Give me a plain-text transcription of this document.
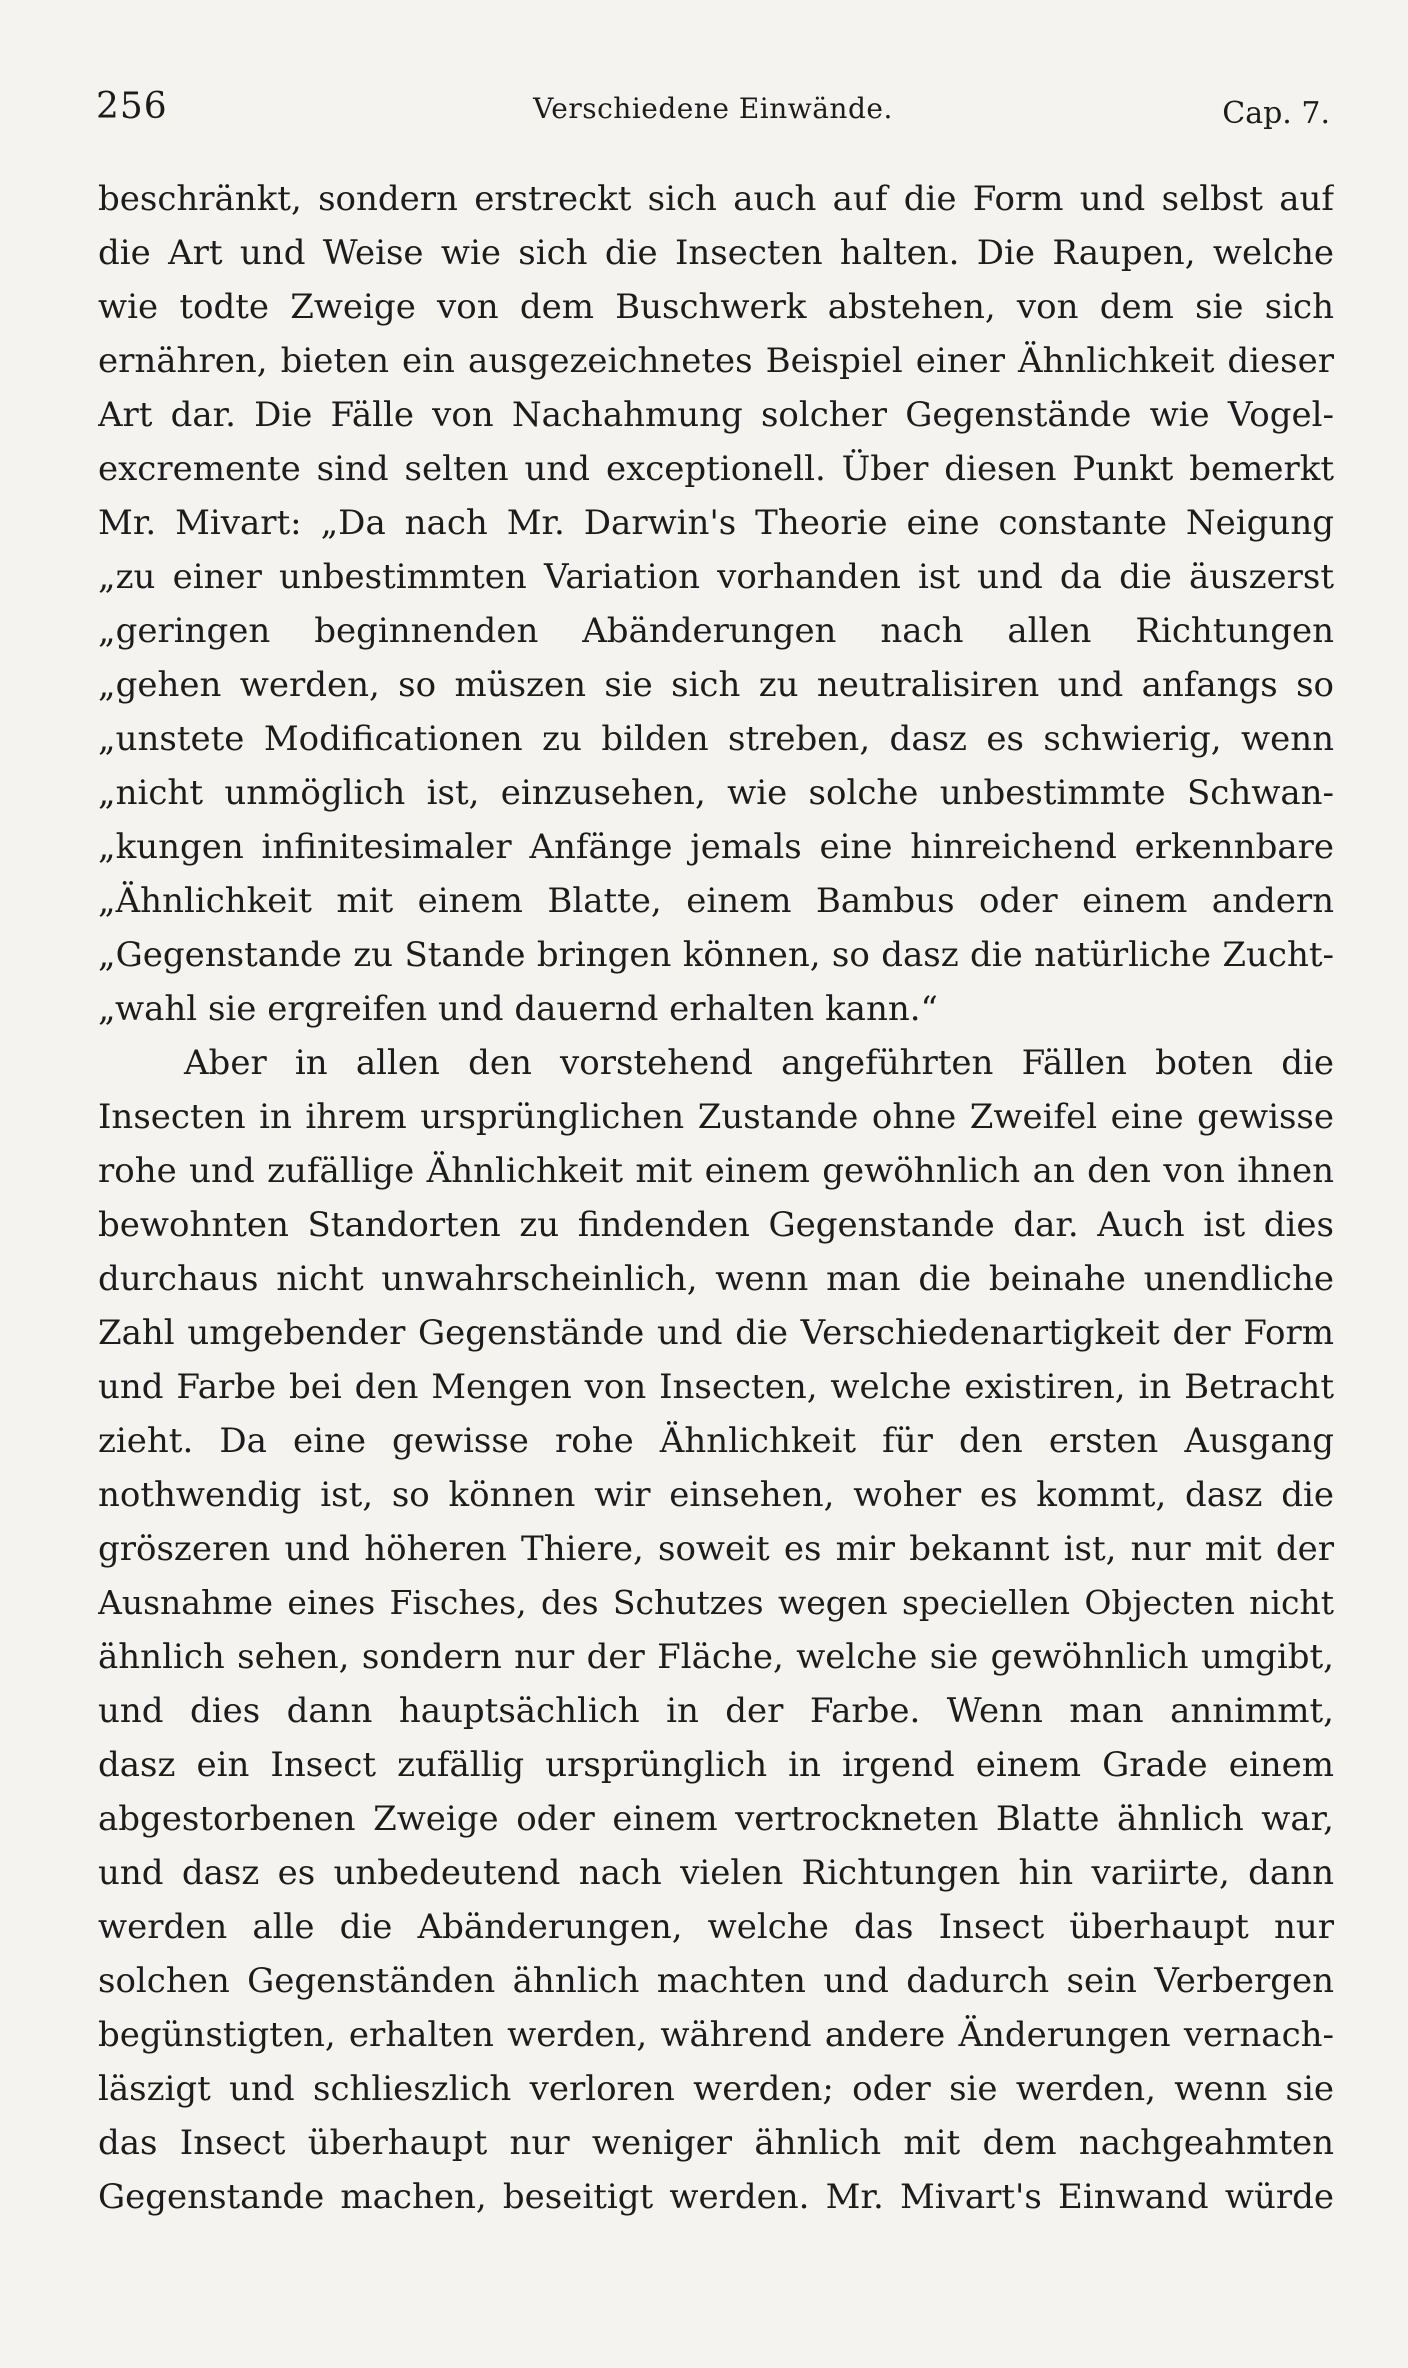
256	Verschiedene Einwände.	Cap. 7.
beschränkt, sondern erstreckt sich auch auf die Form und selbst auf
die Art und Weise wie sich die Insecten halten. Die Raupen, welche
wie todte Zweige von dem Buschwerk abstehen, von dem sie sich
ernähren, bieten ein ausgezeichnetes Beispiel einer Ähnlichkeit dieser
Art dar. Die Fälle von Nachahmung solcher Gegenstände wie Vogel-
excremente sind selten und exceptionell. Über diesen Punkt bemerkt
Mr. Mivart: „Da nach Mr. Darwin's Theorie eine constante Neigung
„zu einer unbestimmten Variation vorhanden ist und da die äuszerst
„geringen beginnenden Abänderungen nach allen Richtungen
„gehen werden, so müszen sie sich zu neutralisiren und anfangs so
„unstete Modificationen zu bilden streben, dasz es schwierig, wenn
„nicht unmöglich ist, einzusehen, wie solche unbestimmte Schwan-
„kungen infinitesimaler Anfänge jemals eine hinreichend erkennbare
„Ähnlichkeit mit einem Blatte, einem Bambus oder einem andern
„Gegenstande zu Stande bringen können, so dasz die natürliche Zucht-
„wahl sie ergreifen und dauernd erhalten kann.“
Aber in allen den vorstehend angeführten Fällen boten die
Insecten in ihrem ursprünglichen Zustande ohne Zweifel eine gewisse
rohe und zufällige Ähnlichkeit mit einem gewöhnlich an den von ihnen
bewohnten Standorten zu findenden Gegenstande dar. Auch ist dies
durchaus nicht unwahrscheinlich, wenn man die beinahe unendliche
Zahl umgebender Gegenstände und die Verschiedenartigkeit der Form
und Farbe bei den Mengen von Insecten, welche existiren, in Betracht
zieht. Da eine gewisse rohe Ähnlichkeit für den ersten Ausgang
nothwendig ist, so können wir einsehen, woher es kommt, dasz die
gröszeren und höheren Thiere, soweit es mir bekannt ist, nur mit der
Ausnahme eines Fisches, des Schutzes wegen speciellen Objecten nicht
ähnlich sehen, sondern nur der Fläche, welche sie gewöhnlich umgibt,
und dies dann hauptsächlich in der Farbe. Wenn man annimmt,
dasz ein Insect zufällig ursprünglich in irgend einem Grade einem
abgestorbenen Zweige oder einem vertrockneten Blatte ähnlich war,
und dasz es unbedeutend nach vielen Richtungen hin variirte, dann
werden alle die Abänderungen, welche das Insect überhaupt nur
solchen Gegenständen ähnlich machten und dadurch sein Verbergen
begünstigten, erhalten werden, während andere Änderungen vernach-
läszigt und schlieszlich verloren werden; oder sie werden, wenn sie
das Insect überhaupt nur weniger ähnlich mit dem nachgeahmten
Gegenstande machen, beseitigt werden. Mr. Mivart's Einwand würde
